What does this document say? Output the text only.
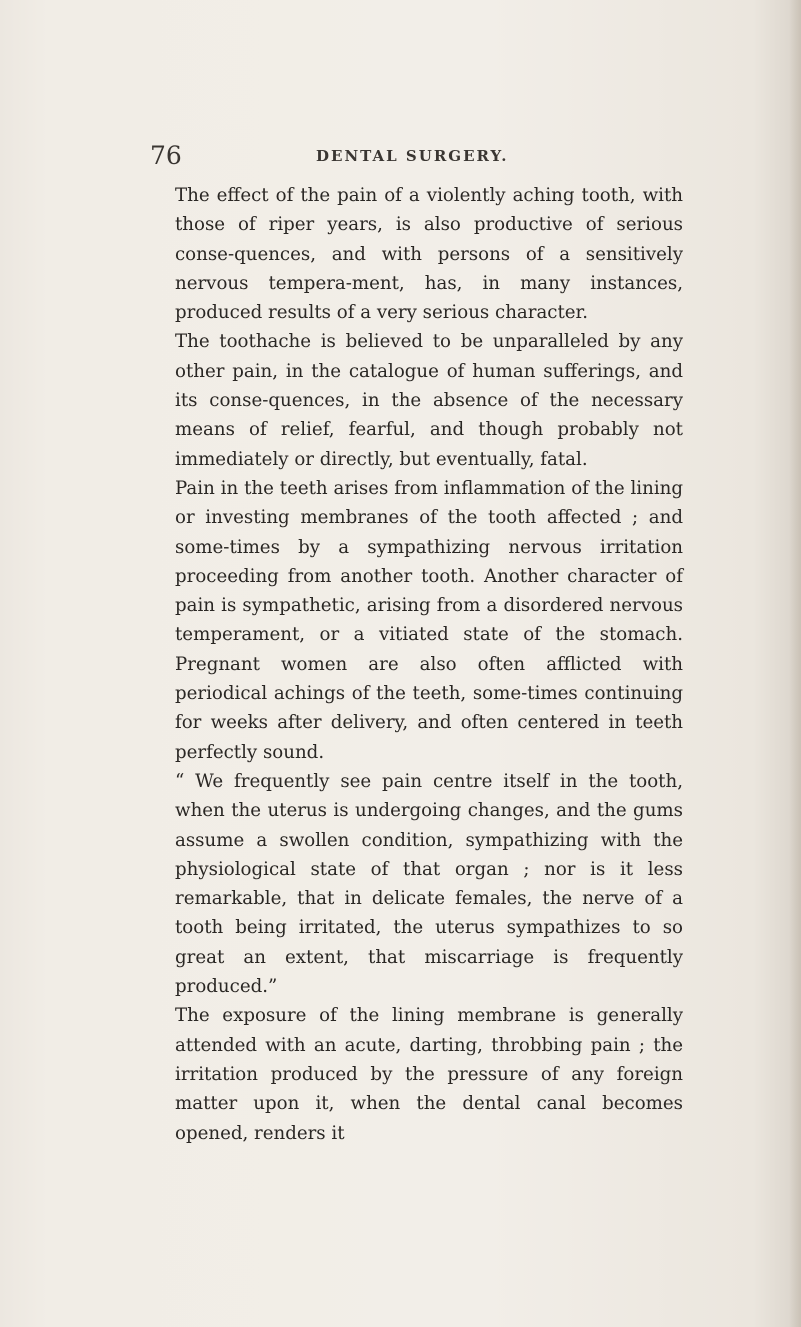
76	DENTAL SURGERY.

The effect of the pain of a violently aching tooth, with those of riper years, is also productive of serious conse-quences, and with persons of a sensitively nervous tempera-ment, has, in many instances, produced results of a very serious character.

The toothache is believed to be unparalleled by any other pain, in the catalogue of human sufferings, and its conse-quences, in the absence of the necessary means of relief, fearful, and though probably not immediately or directly, but eventually, fatal.

Pain in the teeth arises from inflammation of the lining or investing membranes of the tooth affected ; and some-times by a sympathizing nervous irritation proceeding from another tooth. Another character of pain is sympathetic, arising from a disordered nervous temperament, or a vitiated state of the stomach. Pregnant women are also often afflicted with periodical achings of the teeth, some-times continuing for weeks after delivery, and often centered in teeth perfectly sound.

“ We frequently see pain centre itself in the tooth, when the uterus is undergoing changes, and the gums assume a swollen condition, sympathizing with the physiological state of that organ ; nor is it less remarkable, that in delicate females, the nerve of a tooth being irritated, the uterus sympathizes to so great an extent, that miscarriage is frequently produced.”

The exposure of the lining membrane is generally attended with an acute, darting, throbbing pain ; the irritation produced by the pressure of any foreign matter upon it, when the dental canal becomes opened, renders it
